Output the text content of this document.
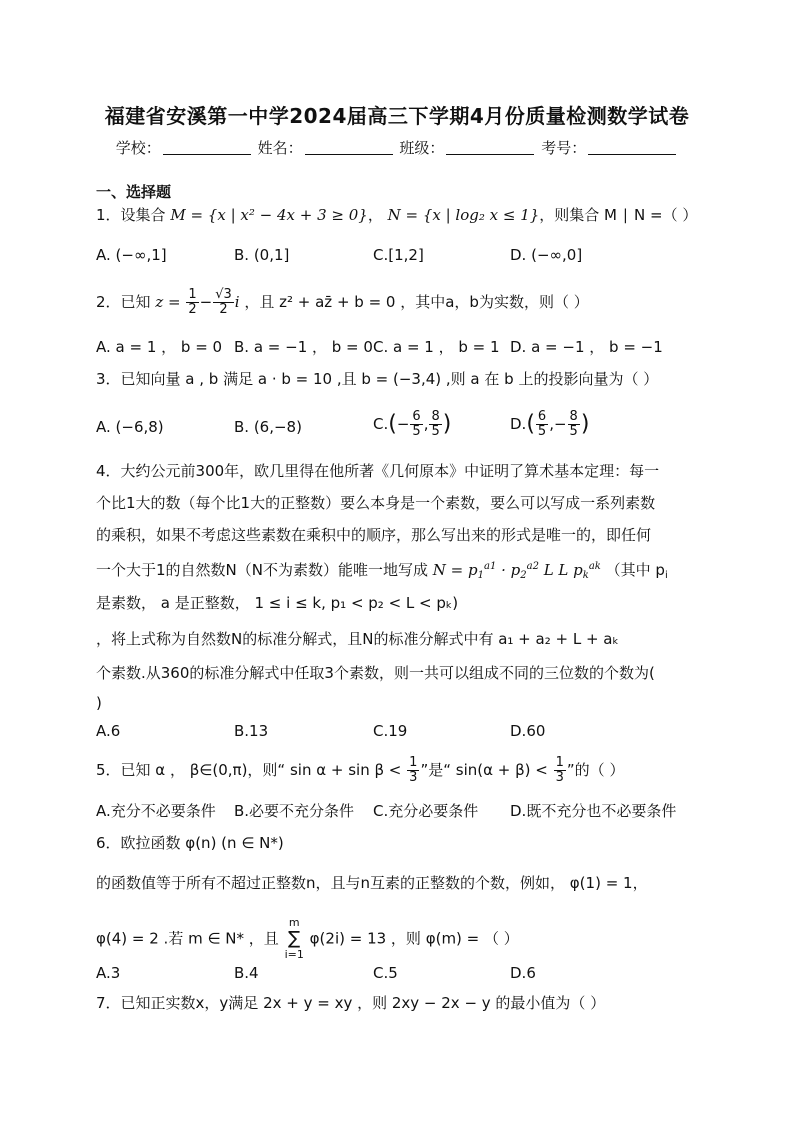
福建省安溪第一中学2024届高三下学期4月份质量检测数学试卷
学校：	姓名：	班级：	考号：
一、选择题
1．设集合 M = {x | x² − 4x + 3 ≥ 0}， N = {x | log₂ x ≤ 1}，则集合 M ∣ N =（ ）
A. (−∞,1]	B. (0,1]	C.[1,2]	D. (−∞,0]
2．已知 $z = \frac{1}{2} - \frac{√3}{2}$ i ，且 z² + az̄ + b = 0 ，其中a，b为实数，则（ ）
A. a = 1 ， b = 0 B. a = −1 ， b = 0 C. a = 1 ， b = 1 D. a = −1 ， b = −1
3．已知向量 a , b 满足 a · b = 10 ,且 b = (−3,4) ,则 a 在 b 上的投影向量为（ ）
A. (−6,8)	B. (6,−8)	$C.(- \frac{6}{5}$ , $\frac{8}{5}$ )	$D.( \frac{6}{5}$ ,− $\frac{8}{5}$ )
4．大约公元前300年，欧几里得在他所著《几何原本》中证明了算术基本定理：每一
个比1大的数（每个比1大的正整数）要么本身是一个素数，要么可以写成一系列素数
的乘积，如果不考虑这些素数在乘积中的顺序，那么写出来的形式是唯一的，即任何
一个大于1的自然数N（N不为素数）能唯一地写成 $N = p_1^{a1} \cdot p_2^{a2}$ L L $p_k^{ak}$ （其中 $p_i$
是素数， a 是正整数， 1 ≤ i ≤ k, p₁ < p₂ < L < pₖ)
，将上式称为自然数N的标准分解式，且N的标准分解式中有 a₁ + a₂ + L + aₖ
个素数.从360的标准分解式中任取3个素数，则一共可以组成不同的三位数的个数为(
)
A.6	B.13	C.19	D.60
5．已知 α ， β∈(0,π)，则“ $\sin \alpha + \sin \beta < \frac{1}{3}$ ”是“ $\sin(\alpha + \beta) < \frac{1}{3}$ ”的（ ）
A.充分不必要条件 B.必要不充分条件 C.充分必要条件 D.既不充分也不必要条件
6．欧拉函数 φ(n) (n ∈ N*)
的函数值等于所有不超过正整数n，且与n互素的正整数的个数，例如， φ(1) = 1，
φ(4) = 2 .若 m ∈ N* ，且
m
∑
i=1
φ(2i) = 13 ，则 φ(m) = （ ）
A.3	B.4	C.5	D.6
7．已知正实数x，y满足 2x + y = xy ，则 2xy − 2x − y 的最小值为（ ）
